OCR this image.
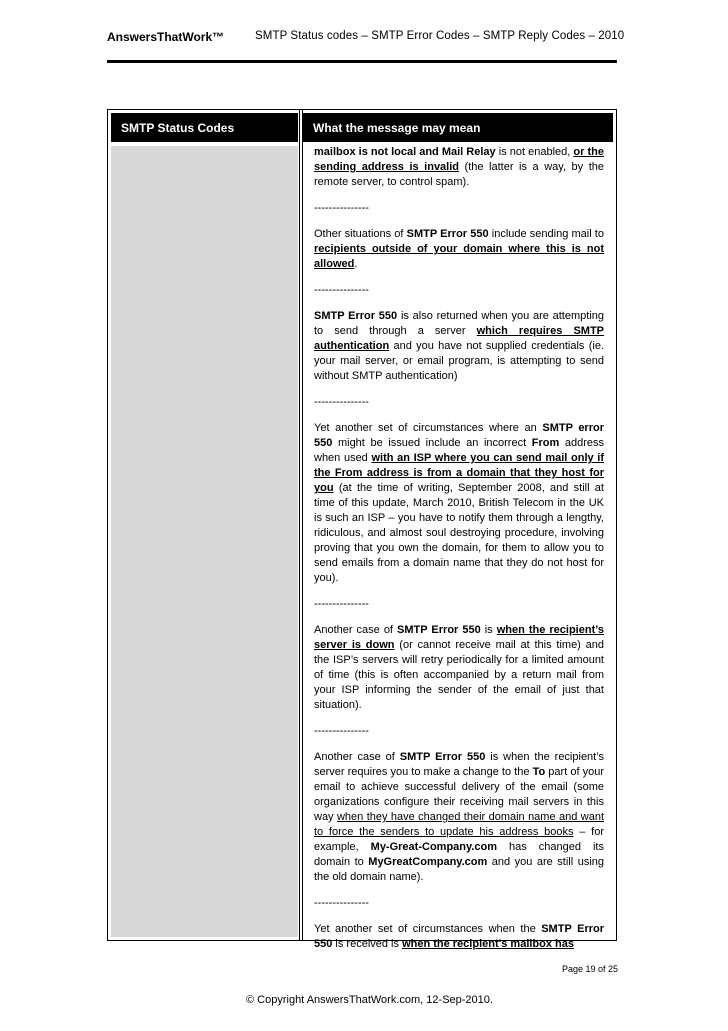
AnswersThatWork™	SMTP Status codes – SMTP Error Codes – SMTP Reply Codes – 2010
SMTP Status Codes	What the message may mean

mailbox is not local and Mail Relay is not enabled, or the sending address is invalid (the latter is a way, by the remote server, to control spam).

---------------

Other situations of SMTP Error 550 include sending mail to recipients outside of your domain where this is not allowed.

---------------

SMTP Error 550 is also returned when you are attempting to send through a server which requires SMTP authentication and you have not supplied credentials (ie. your mail server, or email program, is attempting to send without SMTP authentication)

---------------

Yet another set of circumstances where an SMTP error 550 might be issued include an incorrect From address when used with an ISP where you can send mail only if the From address is from a domain that they host for you (at the time of writing, September 2008, and still at time of this update, March 2010, British Telecom in the UK is such an ISP – you have to notify them through a lengthy, ridiculous, and almost soul destroying procedure, involving proving that you own the domain, for them to allow you to send emails from a domain name that they do not host for you).

---------------

Another case of SMTP Error 550 is when the recipient’s server is down (or cannot receive mail at this time) and the ISP’s servers will retry periodically for a limited amount of time (this is often accompanied by a return mail from your ISP informing the sender of the email of just that situation).

---------------

Another case of SMTP Error 550 is when the recipient’s server requires you to make a change to the To part of your email to achieve successful delivery of the email (some organizations configure their receiving mail servers in this way when they have changed their domain name and want to force the senders to update his address books – for example, My-Great-Company.com has changed its domain to MyGreatCompany.com and you are still using the old domain name).

---------------

Yet another set of circumstances when the SMTP Error 550 is received is when the recipient's mailbox has

Page 19 of 25
© Copyright AnswersThatWork.com, 12-Sep-2010.
